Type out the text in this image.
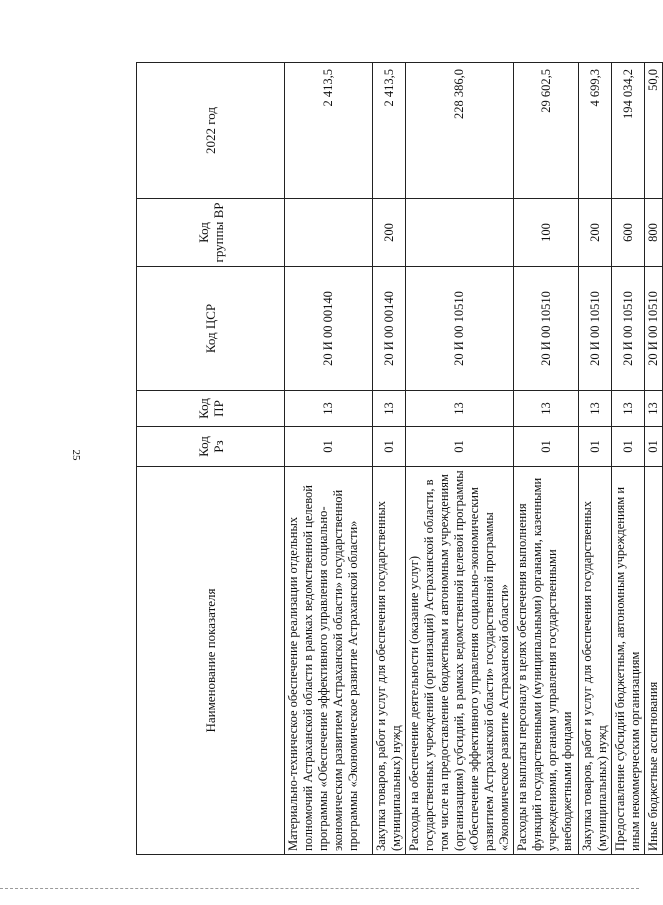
25
Наименование показателя	Код Рз	Код ПР	Код ЦСР	Код группы ВР	2022 год
Материально-техническое обеспечение реализации отдельных полномочий Астраханской области в рамках ведомственной целевой программы «Обеспечение эффективного управления социально-экономическим развитием Астраханской области» государственной программы «Экономическое развитие Астраханской области»	01	13	20 И 00 00140		2 413,5
Закупка товаров, работ и услуг для обеспечения государственных (муниципальных) нужд	01	13	20 И 00 00140	200	2 413,5
Расходы на обеспечение деятельности (оказание услуг) государственных учреждений (организаций) Астраханской области, в том числе на предоставление бюджетным и автономным учреждениям (организациям) субсидий, в рамках ведомственной целевой программы «Обеспечение эффективного управления социально-экономическим развитием Астраханской области» государственной программы «Экономическое развитие Астраханской области»	01	13	20 И 00 10510		228 386,0
Расходы на выплаты персоналу в целях обеспечения выполнения функций государственными (муниципальными) органами, казенными учреждениями, органами управления государственными внебюджетными фондами	01	13	20 И 00 10510	100	29 602,5
Закупка товаров, работ и услуг для обеспечения государственных (муниципальных) нужд	01	13	20 И 00 10510	200	4 699,3
Предоставление субсидий бюджетным, автономным учреждениям и иным некоммерческим организациям	01	13	20 И 00 10510	600	194 034,2
Иные бюджетные ассигнования	01	13	20 И 00 10510	800	50,0
